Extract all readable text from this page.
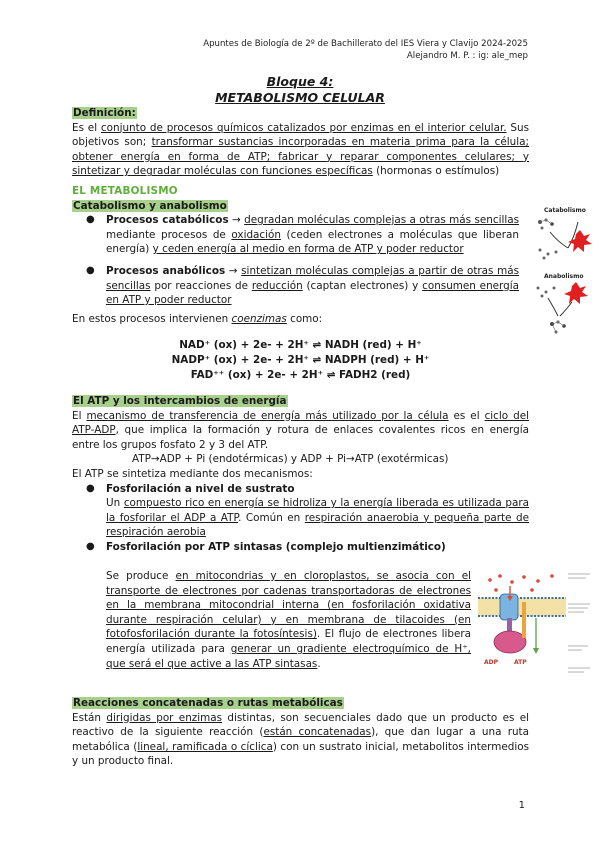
Apuntes de Biología de 2º de Bachillerato del IES Viera y Clavijo 2024-2025
Alejandro M. P. : ig: ale_mep
Bloque 4:
METABOLISMO CELULAR

Definición:

Es el conjunto de procesos químicos catalizados por enzimas en el interior celular. Sus objetivos son; transformar sustancias incorporadas en materia prima para la célula; obtener energía en forma de ATP; fabricar y reparar componentes celulares; y sintetizar y degradar moléculas con funciones específicas (hormonas o estímulos)

EL METABOLISMO

Catabolismo y anabolismo

● Procesos catabólicos → degradan moléculas complejas a otras más sencillas mediante procesos de oxidación (ceden electrones a moléculas que liberan energía) y ceden energía al medio en forma de ATP y poder reductor
● Procesos anabólicos → sintetizan moléculas complejas a partir de otras más sencillas por reacciones de reducción (captan electrones) y consumen energía en ATP y poder reductor

En estos procesos intervienen coenzimas como:

NAD⁺ (ox) + 2e- + 2H⁺ ⇌ NADH (red) + H⁺
NADP⁺ (ox) + 2e- + 2H⁺ ⇌ NADPH (red) + H⁺
FAD⁺⁺ (ox) + 2e- + 2H⁺ ⇌ FADH2 (red)

El ATP y los intercambios de energía

El mecanismo de transferencia de energía más utilizado por la célula es el ciclo del ATP-ADP, que implica la formación y rotura de enlaces covalentes ricos en energía entre los grupos fosfato 2 y 3 del ATP.

ATP→ADP + Pi (endotérmicas) y ADP + Pi→ATP (exotérmicas)

El ATP se sintetiza mediante dos mecanismos:

● Fosforilación a nivel de sustrato
Un compuesto rico en energía se hidroliza y la energía liberada es utilizada para la fosforilar el ADP a ATP. Común en respiración anaerobia y pequeña parte de respiración aerobia
● Fosforilación por ATP sintasas (complejo multienzimático)
Se produce en mitocondrias y en cloroplastos, se asocia con el transporte de electrones por cadenas transportadoras de electrones en la membrana mitocondrial interna (en fosforilación oxidativa durante respiración celular) y en membrana de tilacoides (en fotofosforilación durante la fotosíntesis). El flujo de electrones libera energía utilizada para generar un gradiente electroquímico de H⁺, que será el que active a las ATP sintasas.

Reacciones concatenadas o rutas metabólicas

Están dirigidas por enzimas distintas, son secuenciales dado que un producto es el reactivo de la siguiente reacción (están concatenadas), que dan lugar a una ruta metabólica (lineal, ramificada o cíclica) con un sustrato inicial, metabolitos intermedios y un producto final.

Catabolismo
Anabolismo
ADP	ATP
1
